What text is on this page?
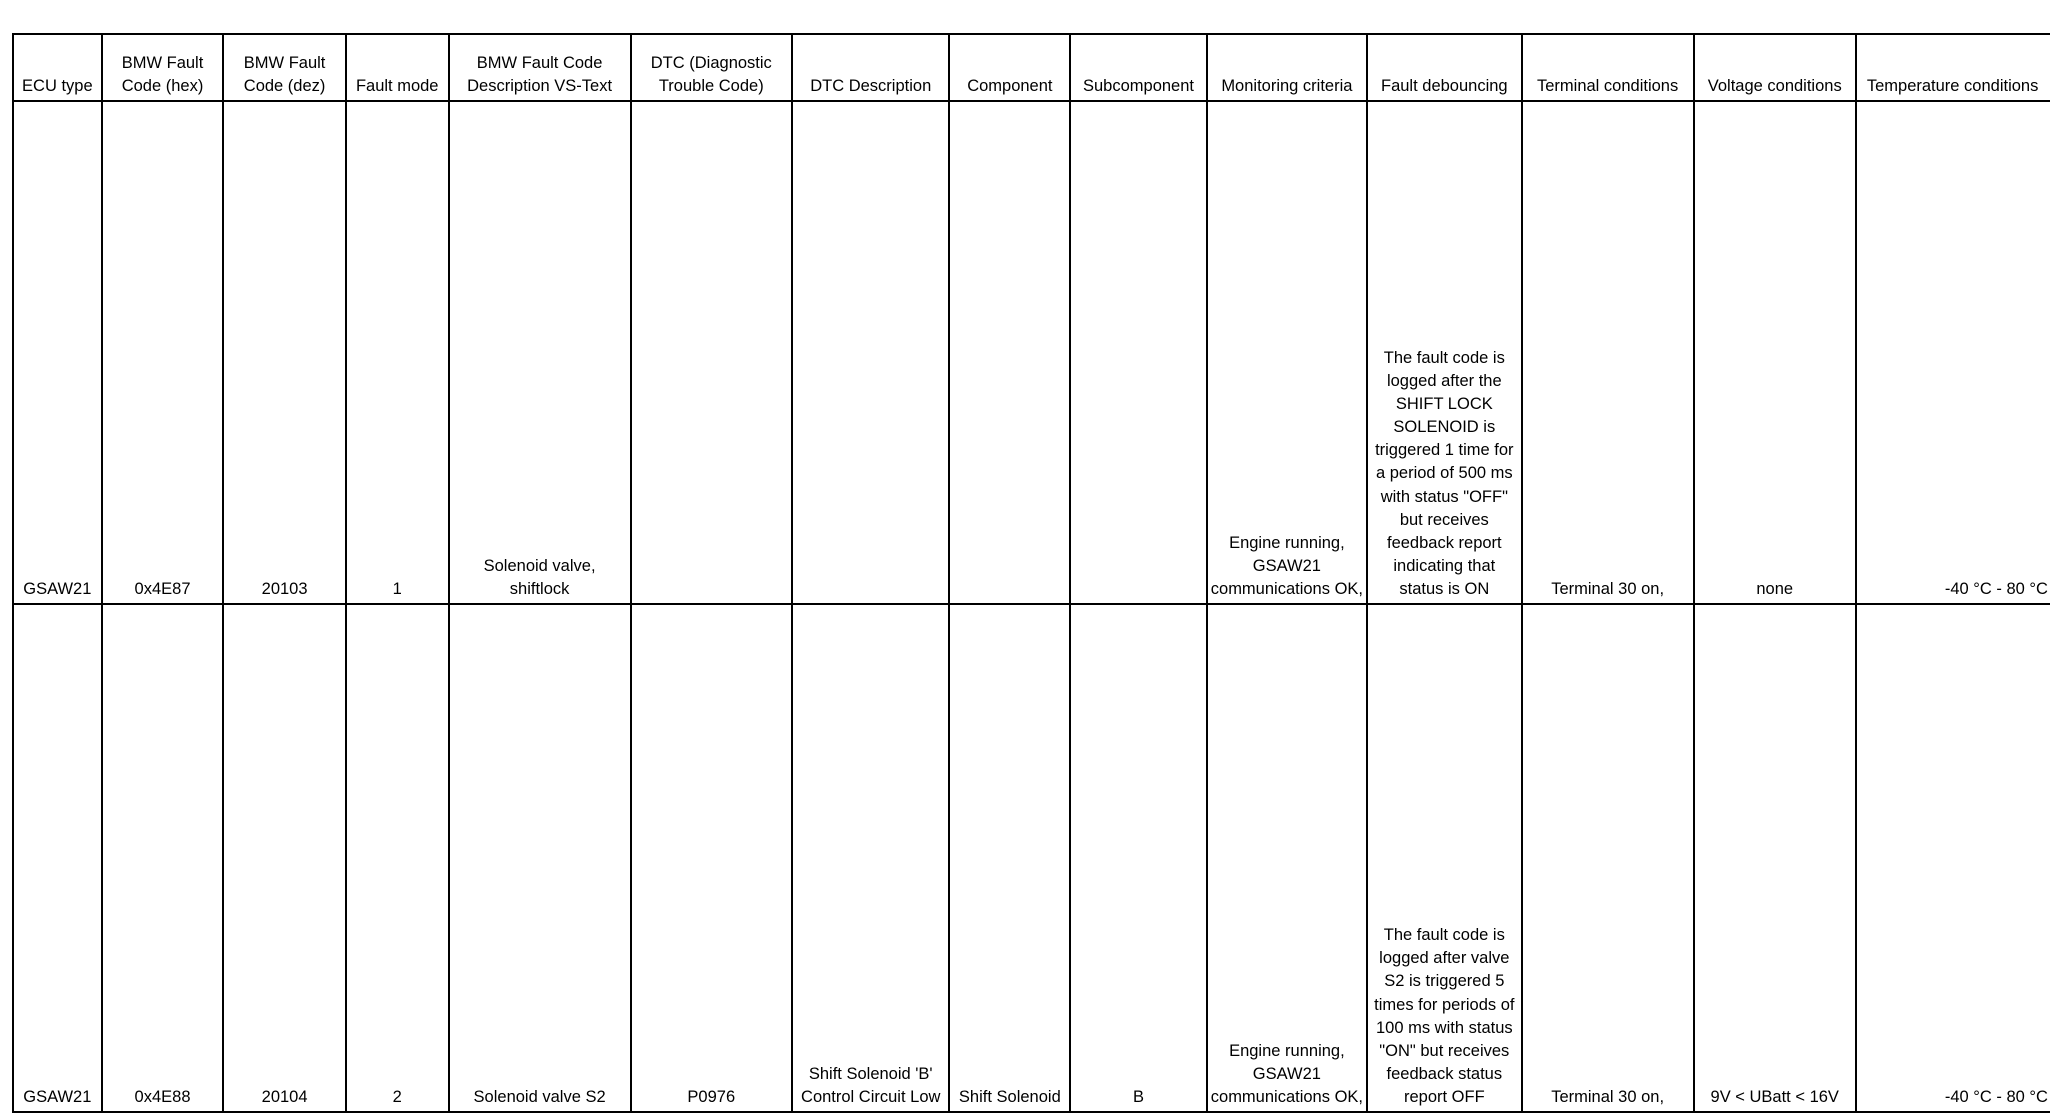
ECU type	BMW Fault Code (hex)	BMW Fault Code (dez)	Fault mode	BMW Fault Code Description VS-Text	DTC (Diagnostic Trouble Code)	DTC Description	Component	Subcomponent	Monitoring criteria	Fault debouncing	Terminal conditions	Voltage conditions	Temperature conditions
GSAW21	0x4E87	20103	1	Solenoid valve, shiftlock					Engine running, GSAW21 communications OK,	The fault code is logged after the SHIFT LOCK SOLENOID is triggered 1 time for a period of 500 ms with status "OFF" but receives feedback report indicating that status is ON	Terminal 30 on,	none	-40 °C - 80 °C
GSAW21	0x4E88	20104	2	Solenoid valve S2	P0976	Shift Solenoid 'B' Control Circuit Low	Shift Solenoid	B	Engine running, GSAW21 communications OK,	The fault code is logged after valve S2 is triggered 5 times for periods of 100 ms with status "ON" but receives feedback status report OFF	Terminal 30 on,	9V < UBatt < 16V	-40 °C - 80 °C
